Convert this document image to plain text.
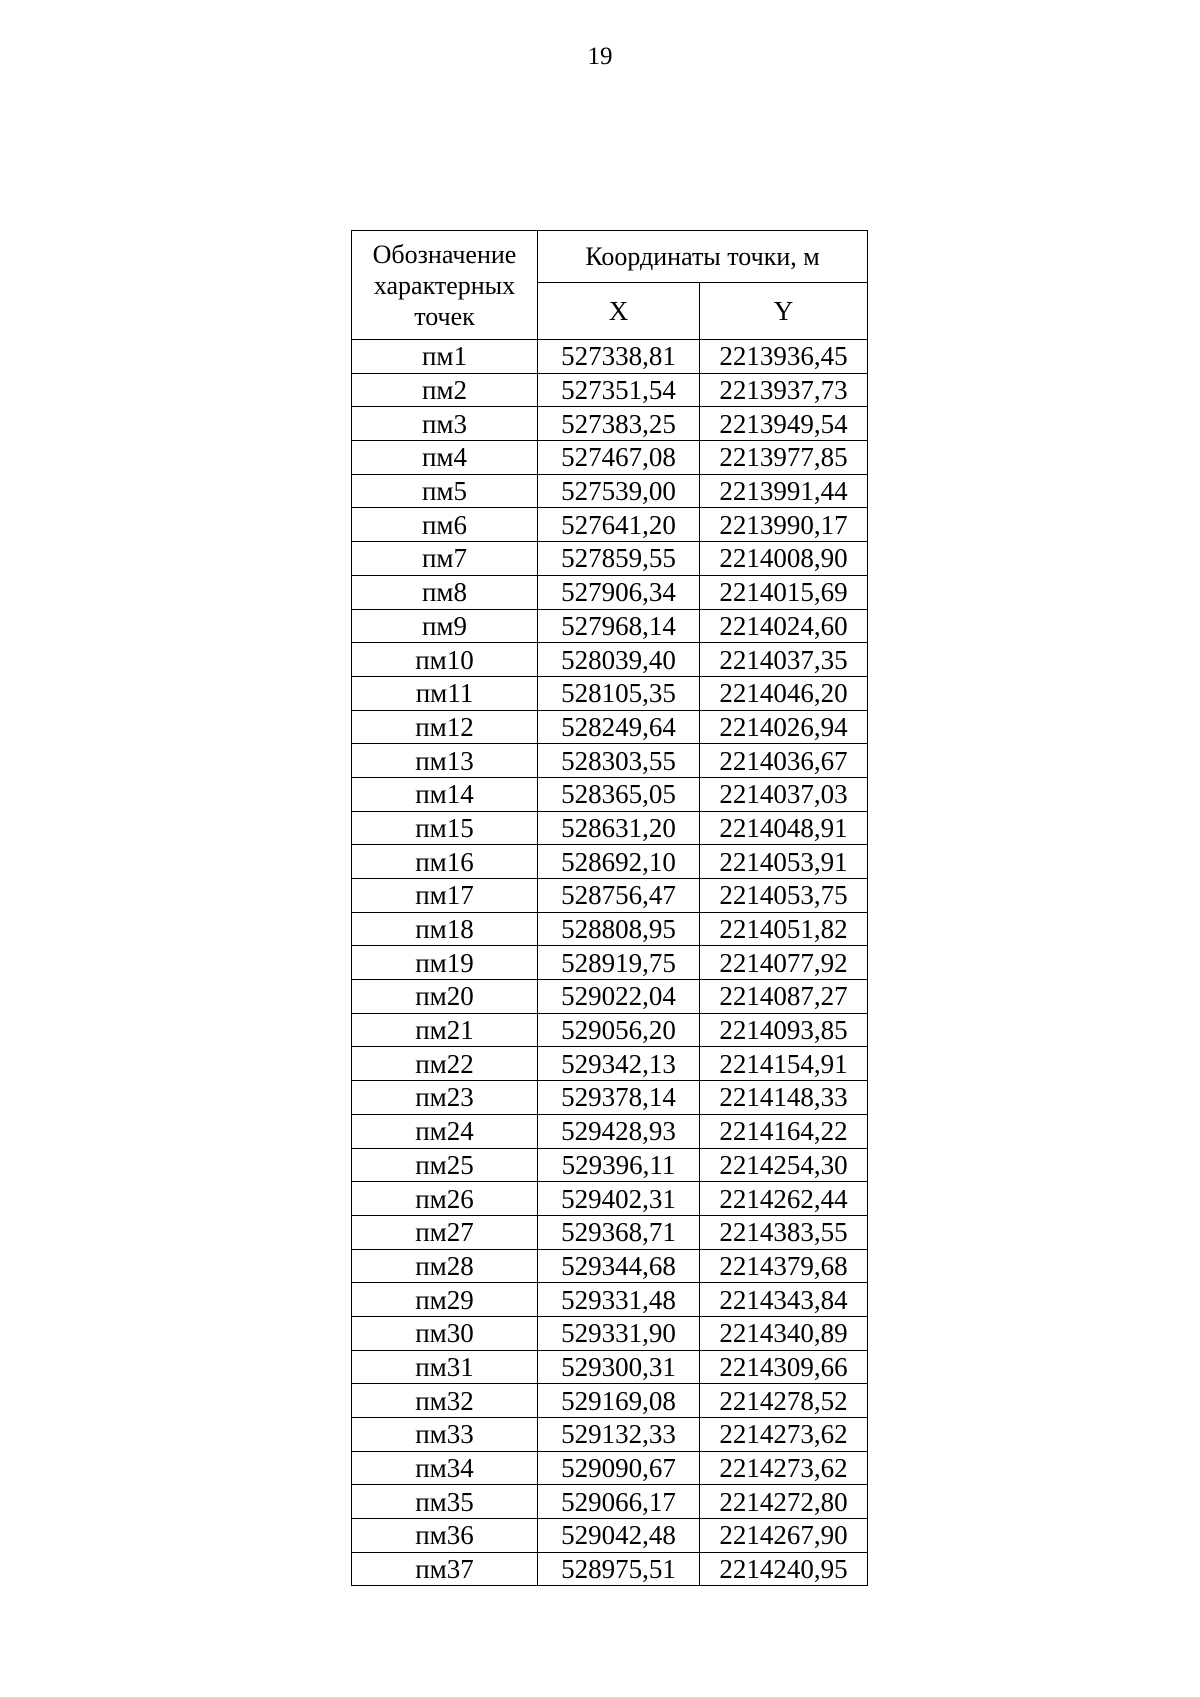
19
Обозначение
характерных
точек	Координаты точки, м	
	X	Y
пм1	527338,81	2213936,45
пм2	527351,54	2213937,73
пм3	527383,25	2213949,54
пм4	527467,08	2213977,85
пм5	527539,00	2213991,44
пм6	527641,20	2213990,17
пм7	527859,55	2214008,90
пм8	527906,34	2214015,69
пм9	527968,14	2214024,60
пм10	528039,40	2214037,35
пм11	528105,35	2214046,20
пм12	528249,64	2214026,94
пм13	528303,55	2214036,67
пм14	528365,05	2214037,03
пм15	528631,20	2214048,91
пм16	528692,10	2214053,91
пм17	528756,47	2214053,75
пм18	528808,95	2214051,82
пм19	528919,75	2214077,92
пм20	529022,04	2214087,27
пм21	529056,20	2214093,85
пм22	529342,13	2214154,91
пм23	529378,14	2214148,33
пм24	529428,93	2214164,22
пм25	529396,11	2214254,30
пм26	529402,31	2214262,44
пм27	529368,71	2214383,55
пм28	529344,68	2214379,68
пм29	529331,48	2214343,84
пм30	529331,90	2214340,89
пм31	529300,31	2214309,66
пм32	529169,08	2214278,52
пм33	529132,33	2214273,62
пм34	529090,67	2214273,62
пм35	529066,17	2214272,80
пм36	529042,48	2214267,90
пм37	528975,51	2214240,95
